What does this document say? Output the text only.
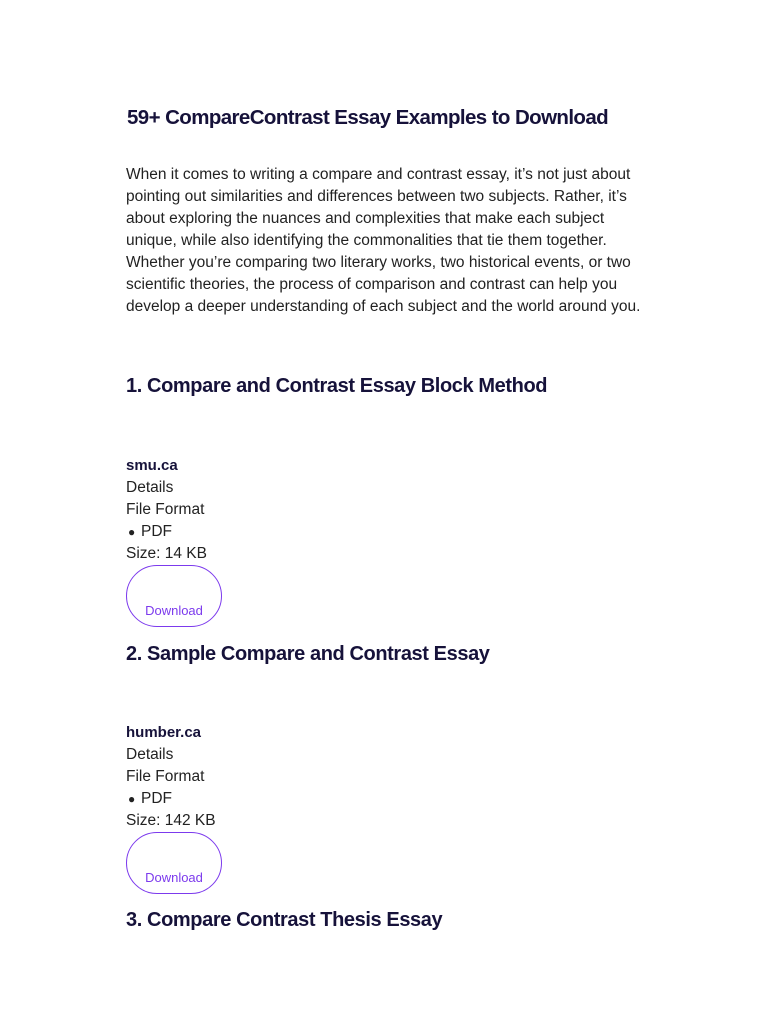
59+ CompareContrast Essay Examples to Download

When it comes to writing a compare and contrast essay, it’s not just about pointing out similarities and differences between two subjects. Rather, it’s about exploring the nuances and complexities that make each subject unique, while also identifying the commonalities that tie them together. Whether you’re comparing two literary works, two historical events, or two scientific theories, the process of comparison and contrast can help you develop a deeper understanding of each subject and the world around you.

1. Compare and Contrast Essay Block Method
smu.ca
Details
File Format
● PDF
Size: 14 KB
Download
2. Sample Compare and Contrast Essay
humber.ca
Details
File Format
● PDF
Size: 142 KB
Download
3. Compare Contrast Thesis Essay
